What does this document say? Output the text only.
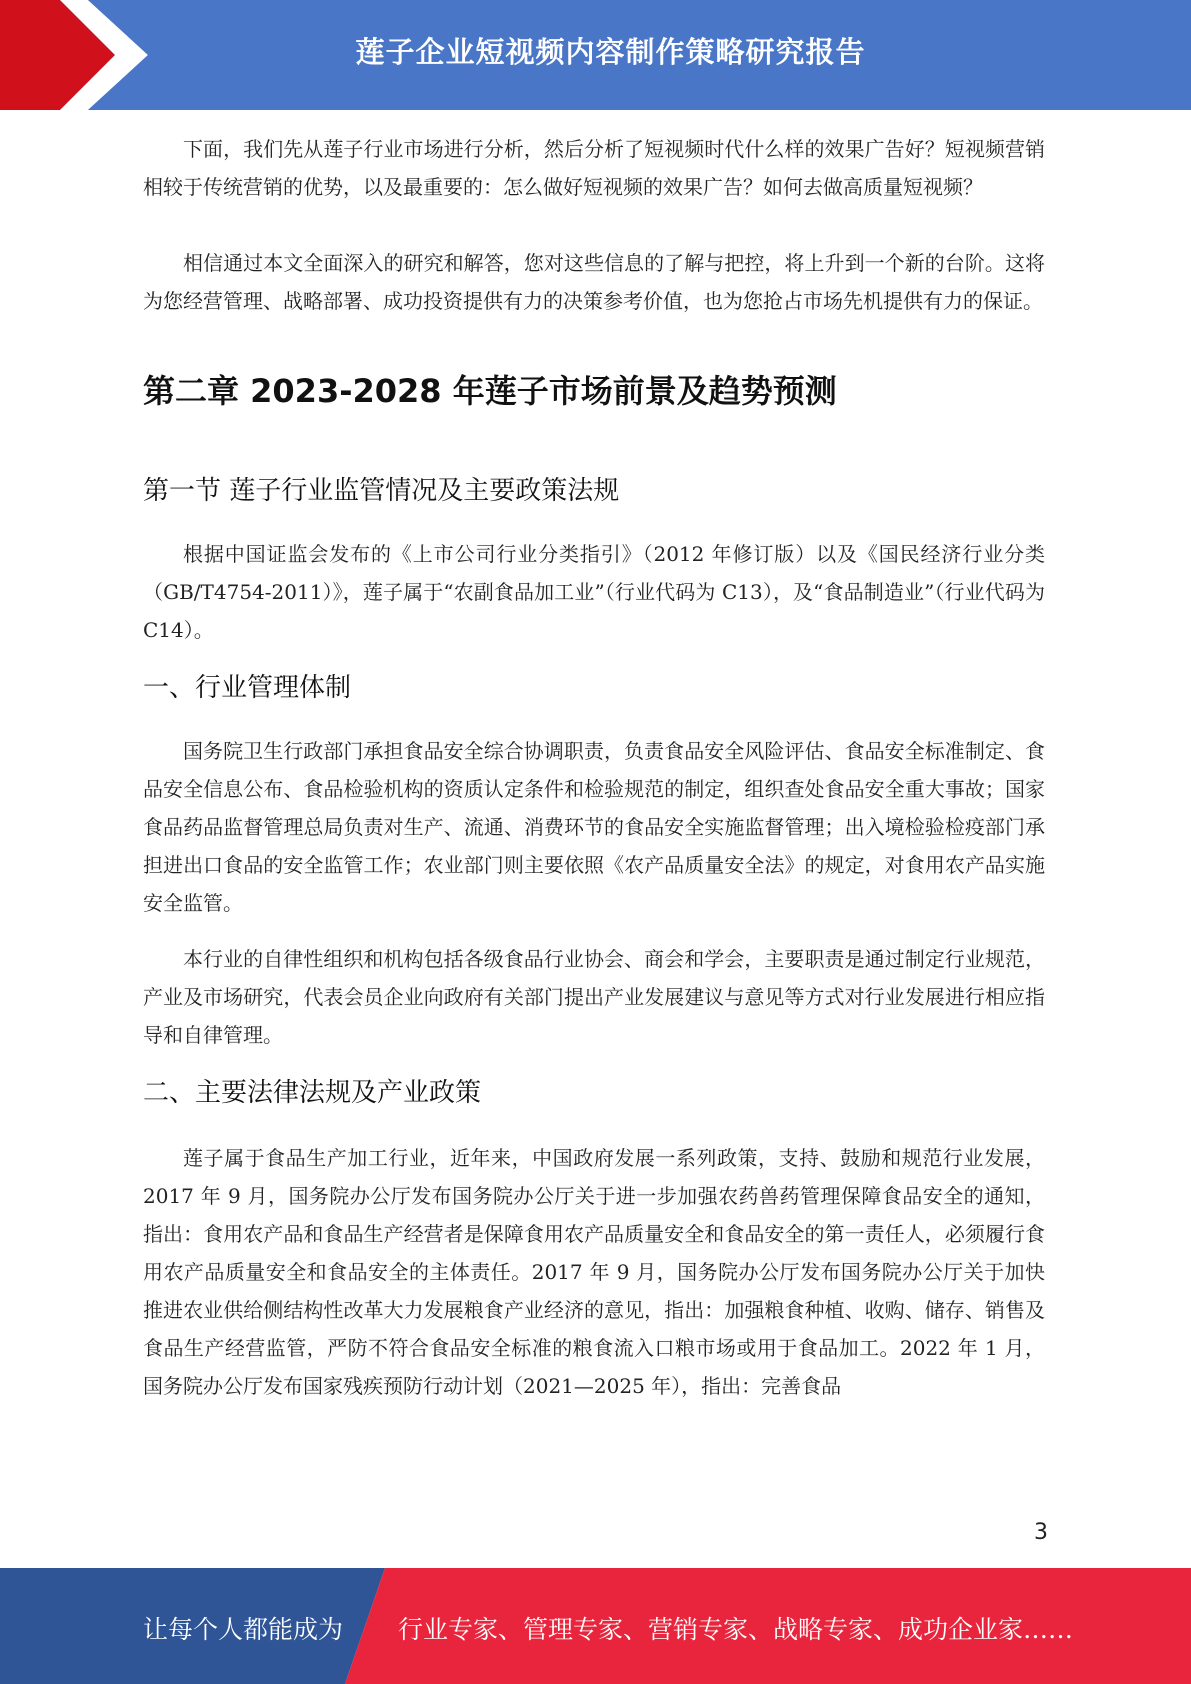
莲子企业短视频内容制作策略研究报告

下面，我们先从莲子行业市场进行分析，然后分析了短视频时代什么样的效果广告好？短视频营销相较于传统营销的优势，以及最重要的：怎么做好短视频的效果广告？如何去做高质量短视频？

相信通过本文全面深入的研究和解答，您对这些信息的了解与把控，将上升到一个新的台阶。这将为您经营管理、战略部署、成功投资提供有力的决策参考价值，也为您抢占市场先机提供有力的保证。

第二章 2023-2028 年莲子市场前景及趋势预测
第一节 莲子行业监管情况及主要政策法规

根据中国证监会发布的《上市公司行业分类指引》（2012 年修订版）以及《国民经济行业分类（GB/T4754-2011）》，莲子属于“农副食品加工业”（行业代码为 C13），及“食品制造业”（行业代码为 C14）。

一、行业管理体制

国务院卫生行政部门承担食品安全综合协调职责，负责食品安全风险评估、食品安全标准制定、食品安全信息公布、食品检验机构的资质认定条件和检验规范的制定，组织查处食品安全重大事故；国家食品药品监督管理总局负责对生产、流通、消费环节的食品安全实施监督管理；出入境检验检疫部门承担进出口食品的安全监管工作；农业部门则主要依照《农产品质量安全法》的规定，对食用农产品实施安全监管。

本行业的自律性组织和机构包括各级食品行业协会、商会和学会，主要职责是通过制定行业规范，产业及市场研究，代表会员企业向政府有关部门提出产业发展建议与意见等方式对行业发展进行相应指导和自律管理。

二、主要法律法规及产业政策

莲子属于食品生产加工行业，近年来，中国政府发展一系列政策，支持、鼓励和规范行业发展，2017 年 9 月，国务院办公厅发布国务院办公厅关于进一步加强农药兽药管理保障食品安全的通知，指出：食用农产品和食品生产经营者是保障食用农产品质量安全和食品安全的第一责任人，必须履行食用农产品质量安全和食品安全的主体责任。2017 年 9 月，国务院办公厅发布国务院办公厅关于加快推进农业供给侧结构性改革大力发展粮食产业经济的意见，指出：加强粮食种植、收购、储存、销售及食品生产经营监管，严防不符合食品安全标准的粮食流入口粮市场或用于食品加工。2022 年 1 月，国务院办公厅发布国家残疾预防行动计划（2021—2025 年），指出：完善食品

3
让每个人都能成为 行业专家、管理专家、营销专家、战略专家、成功企业家……
